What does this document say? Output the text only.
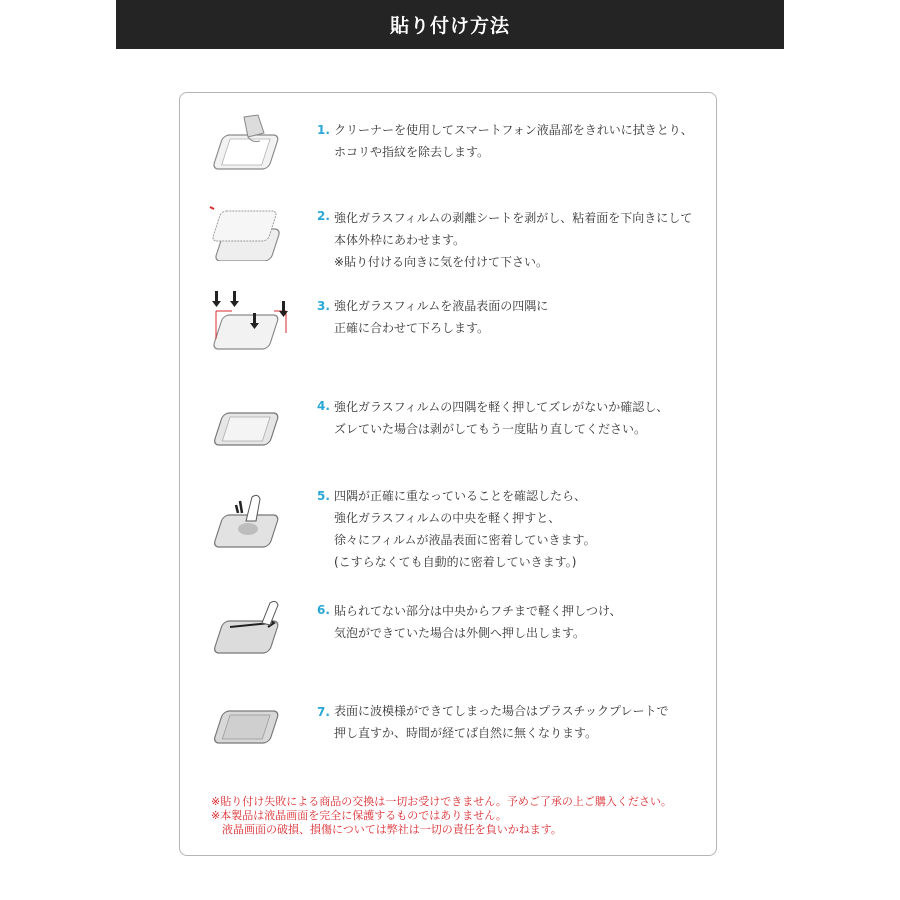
貼り付け方法
1. クリーナーを使用してスマートフォン液晶部をきれいに拭きとり、
ホコリや指紋を除去します。
2. 強化ガラスフィルムの剥離シートを剥がし、粘着面を下向きにして
本体外枠にあわせます。
※貼り付ける向きに気を付けて下さい。
3. 強化ガラスフィルムを液晶表面の四隅に
正確に合わせて下ろします。
4. 強化ガラスフィルムの四隅を軽く押してズレがないか確認し、
ズレていた場合は剥がしてもう一度貼り直してください。
5. 四隅が正確に重なっていることを確認したら、
強化ガラスフィルムの中央を軽く押すと、
徐々にフィルムが液晶表面に密着していきます。
(こすらなくても自動的に密着していきます。)
6. 貼られてない部分は中央からフチまで軽く押しつけ、
気泡ができていた場合は外側へ押し出します。
7. 表面に波模様ができてしまった場合はプラスチックプレートで
押し直すか、時間が経てば自然に無くなります。
※貼り付け失敗による商品の交換は一切お受けできません。予めご了承の上ご購入ください。
※本製品は液晶画面を完全に保護するものではありません。
　液晶画面の破損、損傷については弊社は一切の責任を負いかねます。
